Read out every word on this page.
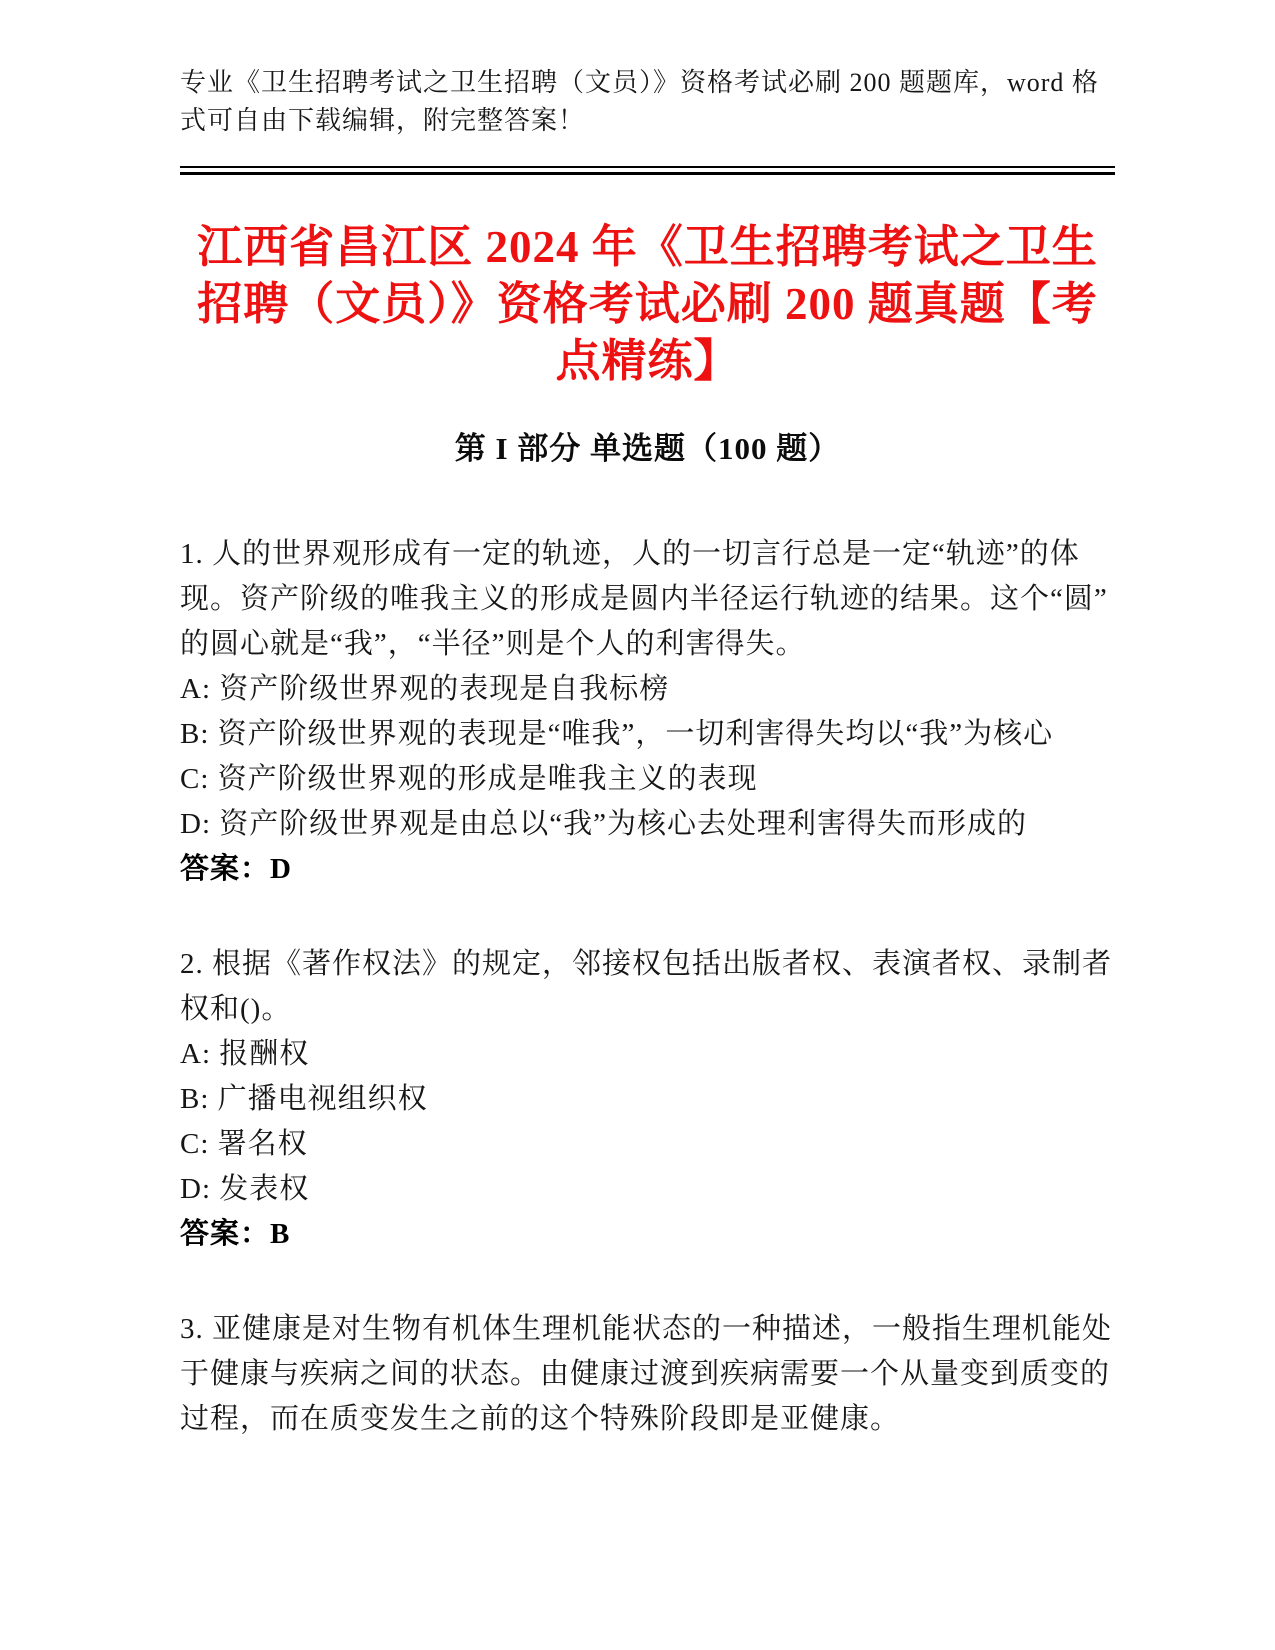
专业《卫生招聘考试之卫生招聘（文员）》资格考试必刷 200 题题库，word 格式可自由下载编辑，附完整答案！
江西省昌江区 2024 年《卫生招聘考试之卫生招聘（文员）》资格考试必刷 200 题真题【考点精练】
第 I 部分 单选题（100 题）

1. 人的世界观形成有一定的轨迹，人的一切言行总是一定“轨迹”的体现。资产阶级的唯我主义的形成是圆内半径运行轨迹的结果。这个“圆”的圆心就是“我”，“半径”则是个人的利害得失。

A: 资产阶级世界观的表现是自我标榜

B: 资产阶级世界观的表现是“唯我”，一切利害得失均以“我”为核心

C: 资产阶级世界观的形成是唯我主义的表现

D: 资产阶级世界观是由总以“我”为核心去处理利害得失而形成的

答案：D

2. 根据《著作权法》的规定，邻接权包括出版者权、表演者权、录制者权和()。

A: 报酬权

B: 广播电视组织权

C: 署名权

D: 发表权

答案：B

3. 亚健康是对生物有机体生理机能状态的一种描述，一般指生理机能处于健康与疾病之间的状态。由健康过渡到疾病需要一个从量变到质变的过程，而在质变发生之前的这个特殊阶段即是亚健康。
